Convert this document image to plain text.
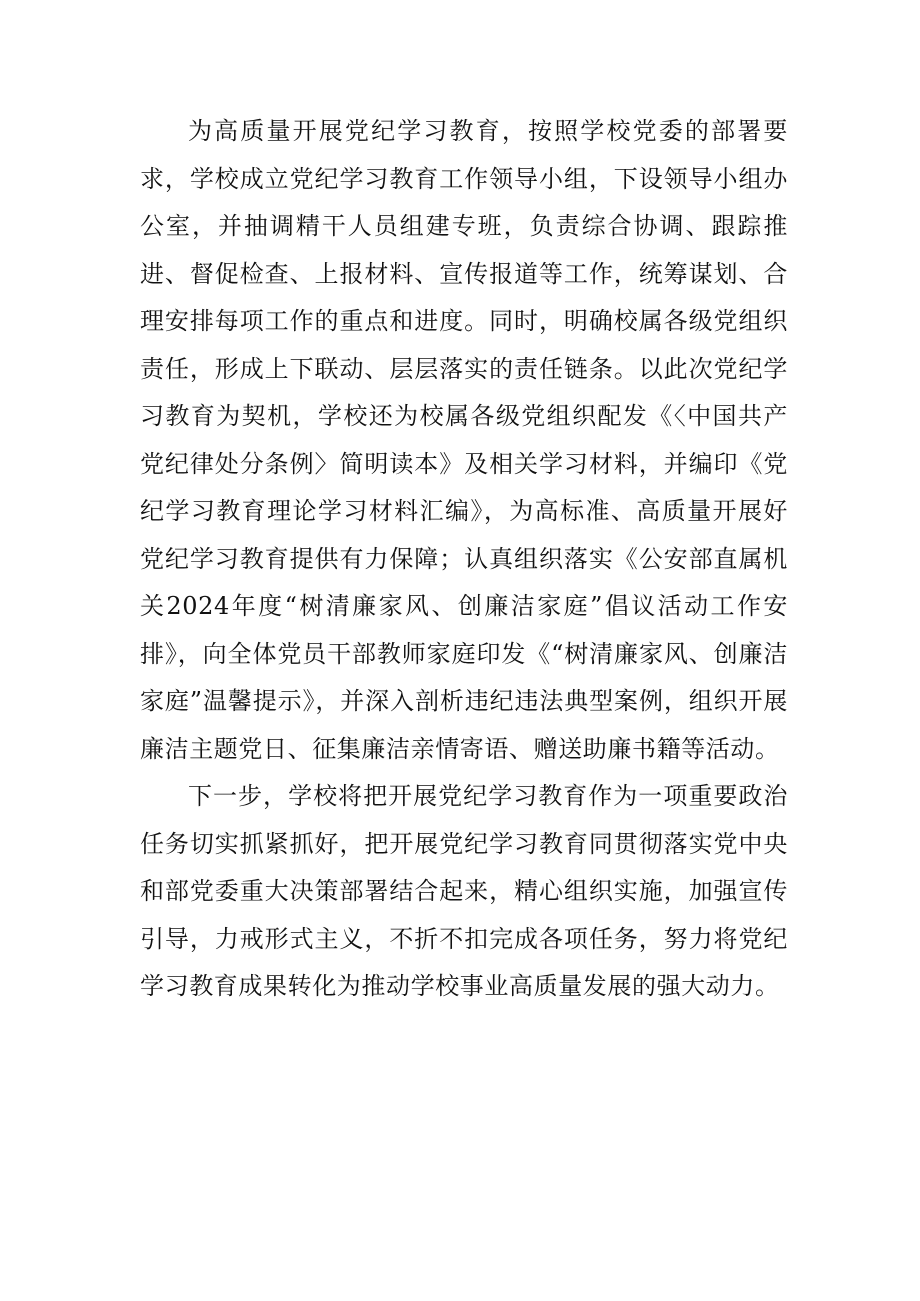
为高质量开展党纪学习教育，按照学校党委的部署要求，学校成立党纪学习教育工作领导小组，下设领导小组办公室，并抽调精干人员组建专班，负责综合协调、跟踪推进、督促检查、上报材料、宣传报道等工作，统筹谋划、合理安排每项工作的重点和进度。同时，明确校属各级党组织责任，形成上下联动、层层落实的责任链条。以此次党纪学习教育为契机，学校还为校属各级党组织配发《〈中国共产党纪律处分条例〉简明读本》及相关学习材料，并编印《党纪学习教育理论学习材料汇编》，为高标准、高质量开展好党纪学习教育提供有力保障；认真组织落实《公安部直属机关2024年度“树清廉家风、创廉洁家庭”倡议活动工作安排》，向全体党员干部教师家庭印发《“树清廉家风、创廉洁家庭”温馨提示》，并深入剖析违纪违法典型案例，组织开展廉洁主题党日、征集廉洁亲情寄语、赠送助廉书籍等活动。

下一步，学校将把开展党纪学习教育作为一项重要政治任务切实抓紧抓好，把开展党纪学习教育同贯彻落实党中央和部党委重大决策部署结合起来，精心组织实施，加强宣传引导，力戒形式主义，不折不扣完成各项任务，努力将党纪学习教育成果转化为推动学校事业高质量发展的强大动力。
